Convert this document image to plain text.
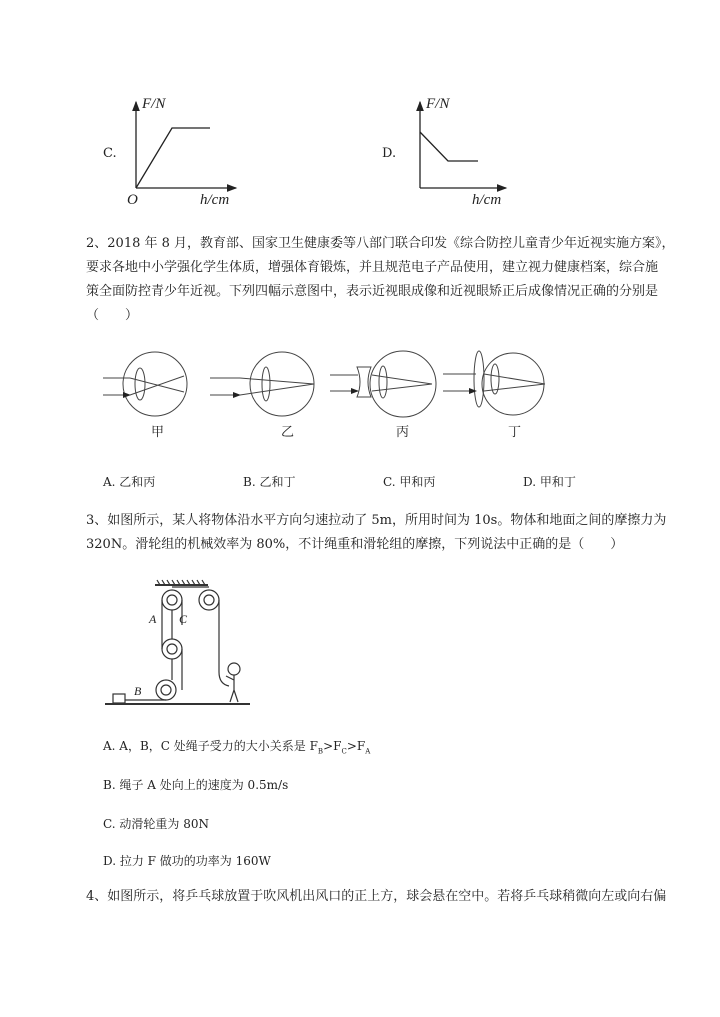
C.
F/N
O	h/cm
D.
F/N
h/cm
2、2018 年 8 月，教育部、国家卫生健康委等八部门联合印发《综合防控儿童青少年近视实施方案》，
要求各地中小学强化学生体质，增强体育锻炼，并且规范电子产品使用，建立视力健康档案，综合施
策全面防控青少年近视。下列四幅示意图中，表示近视眼成像和近视眼矫正后成像情况正确的分别是
（　　）
甲	乙	丙	丁
A. 乙和丙	B. 乙和丁	C. 甲和丙	D. 甲和丁
3、如图所示，某人将物体沿水平方向匀速拉动了 5m，所用时间为 10s。物体和地面之间的摩擦力为
320N。滑轮组的机械效率为 80%，不计绳重和滑轮组的摩擦，下列说法中正确的是（　　）
A C
B
A. A，B，C 处绳子受力的大小关系是 $F_B>F_C>F_A$
B. 绳子 A 处向上的速度为 0.5m/s
C. 动滑轮重为 80N
D. 拉力 F 做功的功率为 160W
4、如图所示，将乒乓球放置于吹风机出风口的正上方，球会悬在空中。若将乒乓球稍微向左或向右偏
